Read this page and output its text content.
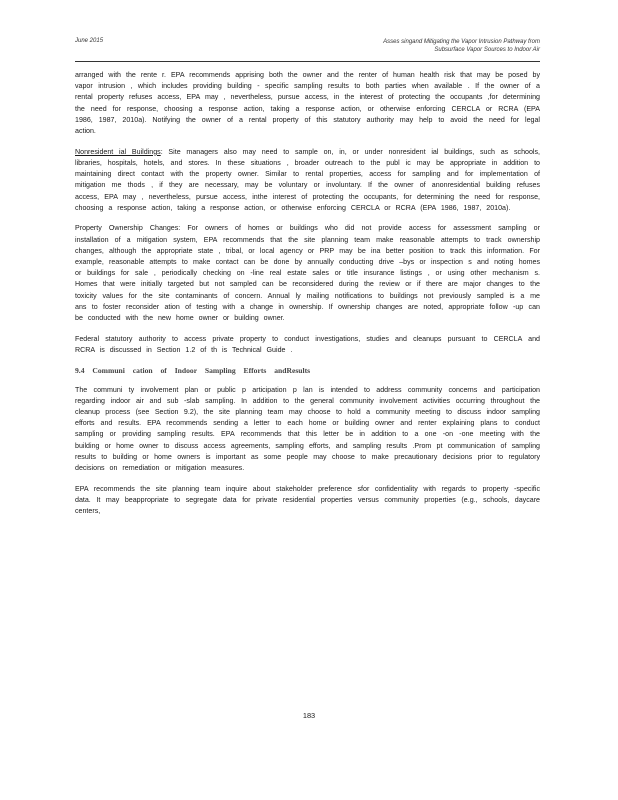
June 2015	Asses singand Mitigating the Vapor Intrusion Pathway from
Subsurface Vapor Sources to Indoor Air

arranged with the rente r. EPA recommends apprising both the owner and the renter of human health risk that may be posed by vapor intrusion , which includes providing building - specific sampling results to both parties when available . If the owner of a rental property refuses access, EPA may , nevertheless, pursue access, in the interest of protecting the occupants ,for determining the need for response, choosing a response action, taking a response action, or otherwise enforcing CERCLA or RCRA (EPA 1986, 1987, 2010a). Notifying the owner of a rental property of this statutory authority may help to avoid the need for legal action.

Nonresident ial Buildings: Site managers also may need to sample on, in, or under nonresident ial buildings, such as schools, libraries, hospitals, hotels, and stores. In these situations , broader outreach to the publ ic may be appropriate in addition to maintaining direct contact with the property owner. Similar to rental properties, access for sampling and for implementation of mitigation me thods , if they are necessary, may be voluntary or involuntary. If the owner of anonresidential building refuses access, EPA may , nevertheless, pursue access, inthe interest of protecting the occupants, for determining the need for response, choosing a response action, taking a response action, or otherwise enforcing CERCLA or RCRA (EPA 1986, 1987, 2010a).

Property Ownership Changes: For owners of homes or buildings who did not provide access for assessment sampling or installation of a mitigation system, EPA recommends that the site planning team make reasonable attempts to track ownership changes, although the appropriate state , tribal, or local agency or PRP may be ina better position to track this information. For example, reasonable attempts to make contact can be done by annually conducting drive –bys or inspection s and noting homes or buildings for sale , periodically checking on -line real estate sales or title insurance listings , or using other mechanism s. Homes that were initially targeted but not sampled can be reconsidered during the review or if there are major changes to the toxicity values for the site contaminants of concern. Annual ly mailing notifications to buildings not previously sampled is a me ans to foster reconsider ation of testing with a change in ownership. If ownership changes are noted, appropriate follow -up can be conducted with the new home owner or building owner.

Federal statutory authority to access private property to conduct investigations, studies and cleanups pursuant to CERCLA and RCRA is discussed in Section 1.2 of th is Technical Guide .

9.4 Communi cation of Indoor Sampling Efforts andResults

The communi ty involvement plan or public p articipation p lan is intended to address community concerns and participation regarding indoor air and sub -slab sampling. In addition to the general community involvement activities occurring throughout the cleanup process (see Section 9.2), the site planning team may choose to hold a community meeting to discuss indoor sampling efforts and results. EPA recommends sending a letter to each home or building owner and renter explaining plans to conduct sampling or providing sampling results. EPA recommends that this letter be in addition to a one -on -one meeting with the building or home owner to discuss access agreements, sampling efforts, and sampling results .Prom pt communication of sampling results to building or home owners is important as some people may choose to make precautionary decisions prior to regulatory decisions on remediation or mitigation measures.

EPA recommends the site planning team inquire about stakeholder preference sfor confidentiality with regards to property -specific data. It may beappropriate to segregate data for private residential properties versus community properties (e.g., schools, daycare centers,

183
